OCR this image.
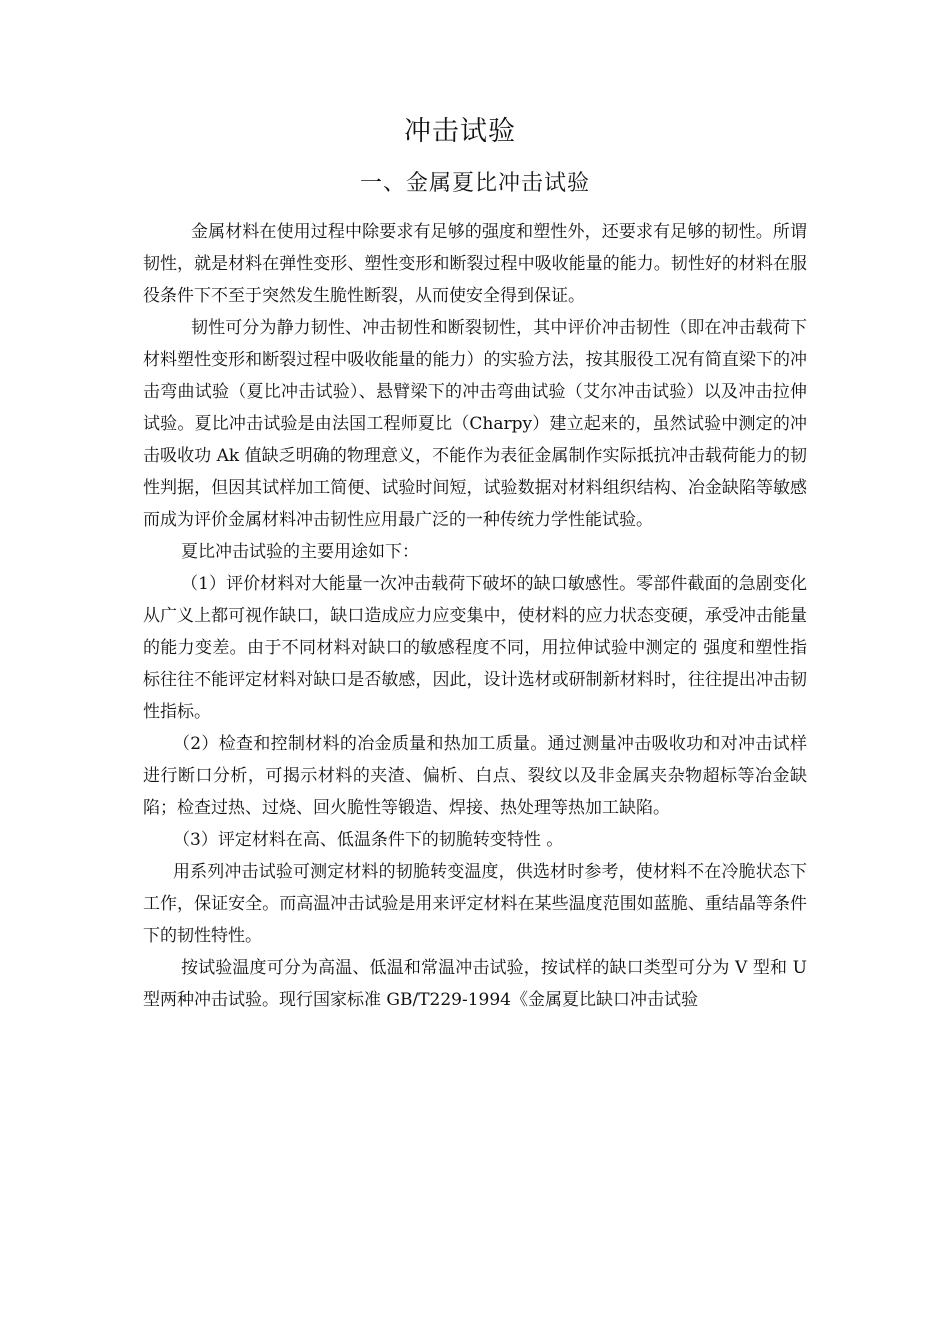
冲击试验
一、金属夏比冲击试验

金属材料在使用过程中除要求有足够的强度和塑性外，还要求有足够的韧性。所谓韧性，就是材料在弹性变形、塑性变形和断裂过程中吸收能量的能力。韧性好的材料在服役条件下不至于突然发生脆性断裂，从而使安全得到保证。

韧性可分为静力韧性、冲击韧性和断裂韧性，其中评价冲击韧性（即在冲击载荷下材料塑性变形和断裂过程中吸收能量的能力）的实验方法，按其服役工况有简直梁下的冲击弯曲试验（夏比冲击试验）、悬臂梁下的冲击弯曲试验（艾尔冲击试验）以及冲击拉伸试验。夏比冲击试验是由法国工程师夏比（Charpy）建立起来的，虽然试验中测定的冲击吸收功 Ak 值缺乏明确的物理意义，不能作为表征金属制作实际抵抗冲击载荷能力的韧性判据，但因其试样加工简便、试验时间短，试验数据对材料组织结构、冶金缺陷等敏感而成为评价金属材料冲击韧性应用最广泛的一种传统力学性能试验。

夏比冲击试验的主要用途如下：

（1）评价材料对大能量一次冲击载荷下破坏的缺口敏感性。零部件截面的急剧变化从广义上都可视作缺口，缺口造成应力应变集中，使材料的应力状态变硬，承受冲击能量的能力变差。由于不同材料对缺口的敏感程度不同，用拉伸试验中测定的 强度和塑性指标往往不能评定材料对缺口是否敏感，因此，设计选材或研制新材料时，往往提出冲击韧性指标。

（2）检查和控制材料的冶金质量和热加工质量。通过测量冲击吸收功和对冲击试样进行断口分析，可揭示材料的夹渣、偏析、白点、裂纹以及非金属夹杂物超标等冶金缺陷；检查过热、过烧、回火脆性等锻造、焊接、热处理等热加工缺陷。

（3）评定材料在高、低温条件下的韧脆转变特性 。

用系列冲击试验可测定材料的韧脆转变温度，供选材时参考，使材料不在冷脆状态下工作，保证安全。而高温冲击试验是用来评定材料在某些温度范围如蓝脆、重结晶等条件下的韧性特性。

按试验温度可分为高温、低温和常温冲击试验，按试样的缺口类型可分为 V 型和 U 型两种冲击试验。现行国家标准 GB/T229-1994《金属夏比缺口冲击试验
